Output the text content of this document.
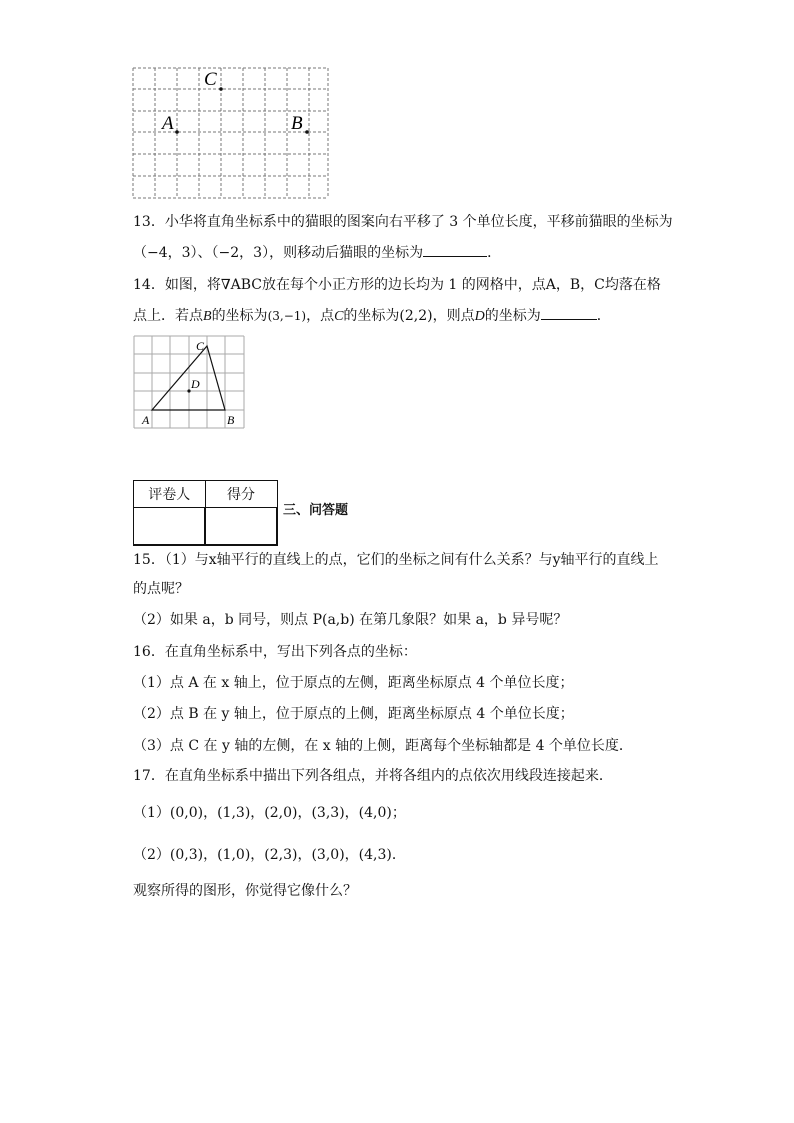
A	B
C
13．小华将直角坐标系中的猫眼的图案向右平移了 3 个单位长度，平移前猫眼的坐标为
（−4，3）、（−2，3），则移动后猫眼的坐标为	．
14．如图，将∇ABC放在每个小正方形的边长均为 1 的网格中，点A，B，C均落在格
点上．若点B的坐标为(3,−1)，点C的坐标为(2,2)，则点D的坐标为	．
A	B
C
D
评卷人	得分

三、问答题
15．（1）与x轴平行的直线上的点，它们的坐标之间有什么关系？与y轴平行的直线上
的点呢？
（2）如果 a，b 同号，则点 P(a,b) 在第几象限？如果 a，b 异号呢？
16．在直角坐标系中，写出下列各点的坐标：
（1）点 A 在 x 轴上，位于原点的左侧，距离坐标原点 4 个单位长度；
（2）点 B 在 y 轴上，位于原点的上侧，距离坐标原点 4 个单位长度；
（3）点 C 在 y 轴的左侧，在 x 轴的上侧，距离每个坐标轴都是 4 个单位长度．
17．在直角坐标系中描出下列各组点，并将各组内的点依次用线段连接起来．
（1）(0,0)，(1,3)，(2,0)，(3,3)，(4,0)；
（2）(0,3)，(1,0)，(2,3)，(3,0)，(4,3)．
观察所得的图形，你觉得它像什么？
